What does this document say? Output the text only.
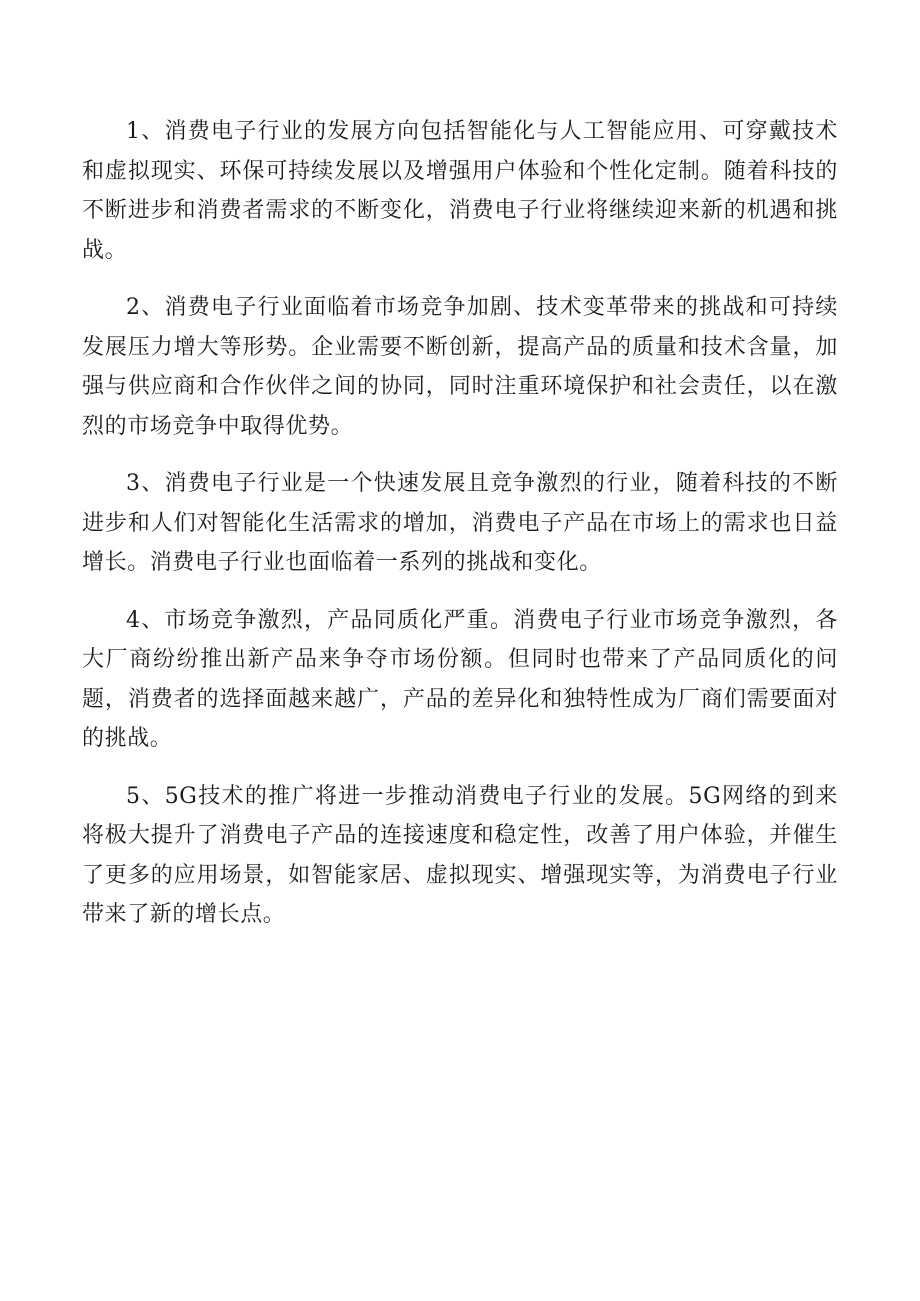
1、消费电子行业的发展方向包括智能化与人工智能应用、可穿戴技术和虚拟现实、环保可持续发展以及增强用户体验和个性化定制。随着科技的不断进步和消费者需求的不断变化，消费电子行业将继续迎来新的机遇和挑战。

2、消费电子行业面临着市场竞争加剧、技术变革带来的挑战和可持续发展压力增大等形势。企业需要不断创新，提高产品的质量和技术含量，加强与供应商和合作伙伴之间的协同，同时注重环境保护和社会责任，以在激烈的市场竞争中取得优势。

3、消费电子行业是一个快速发展且竞争激烈的行业，随着科技的不断进步和人们对智能化生活需求的增加，消费电子产品在市场上的需求也日益增长。消费电子行业也面临着一系列的挑战和变化。

4、市场竞争激烈，产品同质化严重。消费电子行业市场竞争激烈，各大厂商纷纷推出新产品来争夺市场份额。但同时也带来了产品同质化的问题，消费者的选择面越来越广，产品的差异化和独特性成为厂商们需要面对的挑战。

5、5G技术的推广将进一步推动消费电子行业的发展。5G网络的到来将极大提升了消费电子产品的连接速度和稳定性，改善了用户体验，并催生了更多的应用场景，如智能家居、虚拟现实、增强现实等，为消费电子行业带来了新的增长点。
